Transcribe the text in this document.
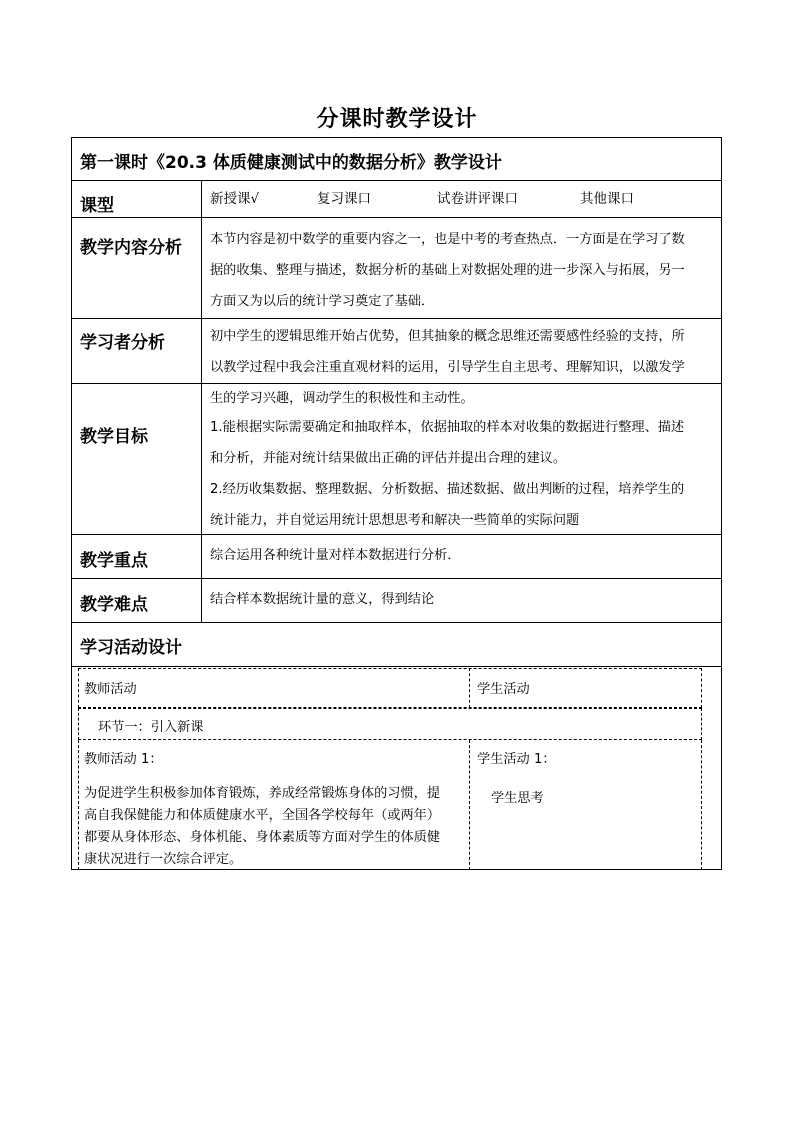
分课时教学设计
第一课时《20.3 体质健康测试中的数据分析》教学设计
课型	新授课√	复习课口	试卷讲评课口	其他课口
教学内容分析 本节内容是初中数学的重要内容之一，也是中考的考查热点．一方面是在学习了数
据的收集、整理与描述，数据分析的基础上对数据处理的进一步深入与拓展，另一
方面又为以后的统计学习奠定了基础．
学习者分析	初中学生的逻辑思维开始占优势，但其抽象的概念思维还需要感性经验的支持，所
以教学过程中我会注重直观材料的运用，引导学生自主思考、理解知识，以激发学
生的学习兴趣，调动学生的积极性和主动性。
教学目标	1.能根据实际需要确定和抽取样本，依据抽取的样本对收集的数据进行整理、描述
和分析，并能对统计结果做出正确的评估并提出合理的建议。
2.经历收集数据、整理数据、分析数据、描述数据、做出判断的过程，培养学生的
统计能力，并自觉运用统计思想思考和解决一些简单的实际问题
教学重点	综合运用各种统计量对样本数据进行分析．
教学难点	结合样本数据统计量的意义，得到结论
学习活动设计
教师活动	学生活动
环节一：引入新课
教师活动 1：
为促进学生积极参加体育锻炼，养成经常锻炼身体的习惯，提
高自我保健能力和体质健康水平，全国各学校每年（或两年）
都要从身体形态、身体机能、身体素质等方面对学生的体质健
康状况进行一次综合评定。
学生活动 1：
学生思考
